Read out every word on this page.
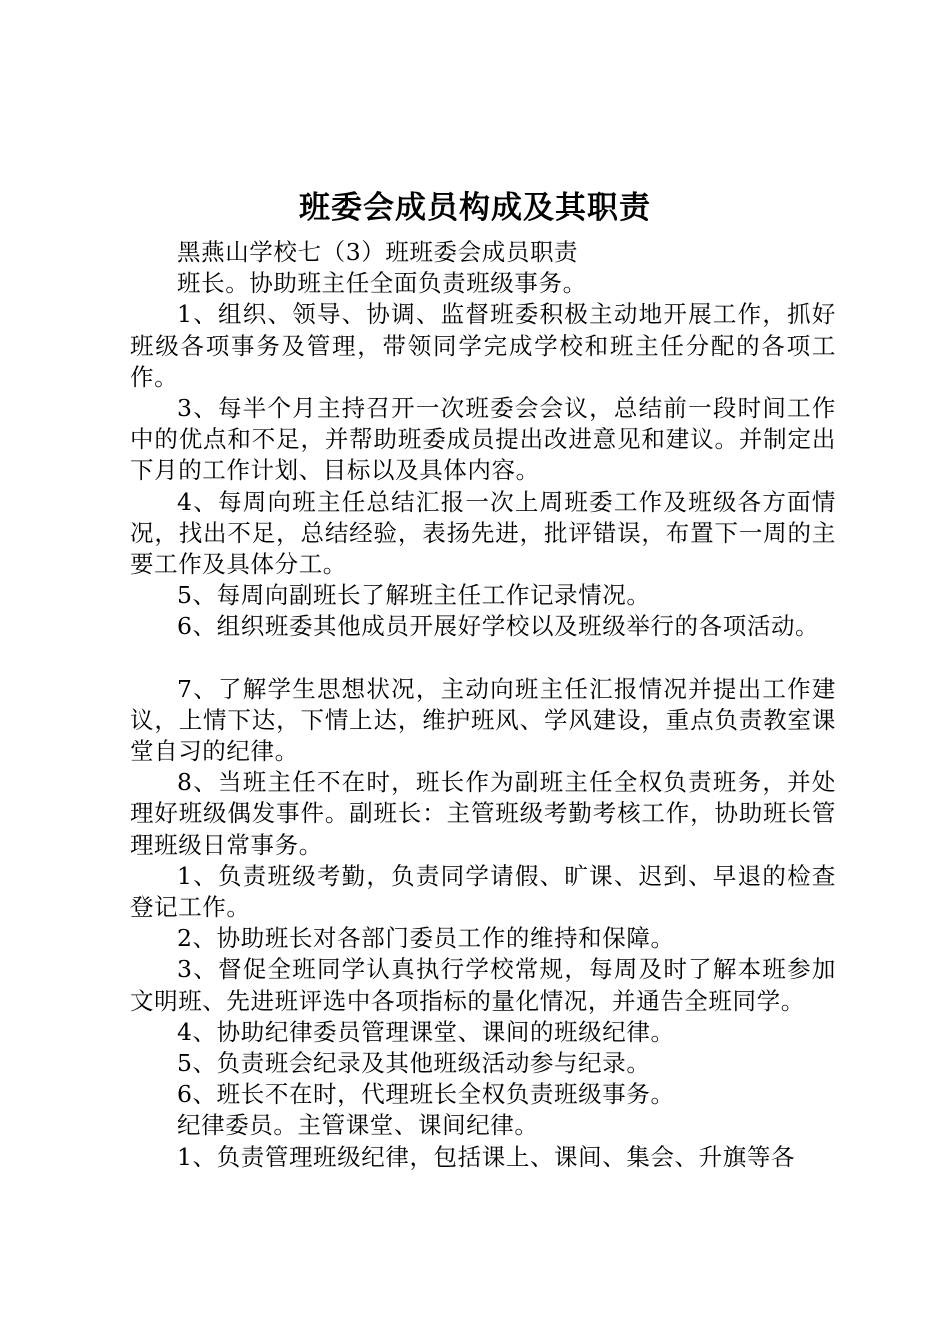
班委会成员构成及其职责

黑燕山学校七（3）班班委会成员职责

班长。协助班主任全面负责班级事务。

1、组织、领导、协调、监督班委积极主动地开展工作，抓好班级各项事务及管理，带领同学完成学校和班主任分配的各项工作。

3、每半个月主持召开一次班委会会议，总结前一段时间工作中的优点和不足，并帮助班委成员提出改进意见和建议。并制定出下月的工作计划、目标以及具体内容。

4、每周向班主任总结汇报一次上周班委工作及班级各方面情况，找出不足，总结经验，表扬先进，批评错误，布置下一周的主要工作及具体分工。

5、每周向副班长了解班主任工作记录情况。

6、组织班委其他成员开展好学校以及班级举行的各项活动。

7、了解学生思想状况，主动向班主任汇报情况并提出工作建议，上情下达，下情上达，维护班风、学风建设，重点负责教室课堂自习的纪律。

8、当班主任不在时，班长作为副班主任全权负责班务，并处理好班级偶发事件。副班长：主管班级考勤考核工作，协助班长管理班级日常事务。

1、负责班级考勤，负责同学请假、旷课、迟到、早退的检查登记工作。

2、协助班长对各部门委员工作的维持和保障。

3、督促全班同学认真执行学校常规，每周及时了解本班参加文明班、先进班评选中各项指标的量化情况，并通告全班同学。

4、协助纪律委员管理课堂、课间的班级纪律。

5、负责班会纪录及其他班级活动参与纪录。

6、班长不在时，代理班长全权负责班级事务。

纪律委员。主管课堂、课间纪律。

1、负责管理班级纪律，包括课上、课间、集会、升旗等各
